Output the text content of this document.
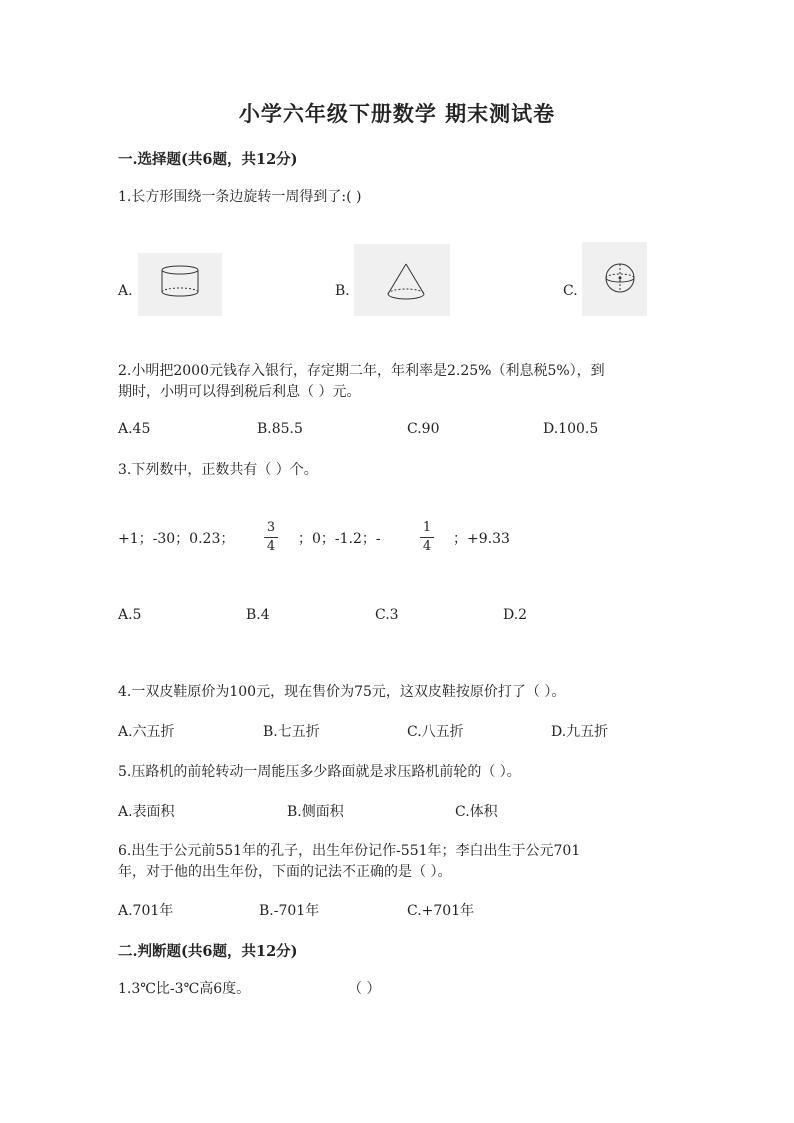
小学六年级下册数学 期末测试卷
一.选择题(共6题，共12分)
1.长方形围绕一条边旋转一周得到了:( )
A.	B.	C.
2.小明把2000元钱存入银行，存定期二年，年利率是2.25%（利息税5%），到
期时，小明可以得到税后利息（ ）元。
A.45	B.85.5	C.90	D.100.5
3.下列数中，正数共有（ ）个。
+1；-30；0.23；
3
4 ；0；-1.2；-
1
4 ；+9.33
A.5	B.4	C.3	D.2
4.一双皮鞋原价为100元，现在售价为75元，这双皮鞋按原价打了（ ）。
A.六五折	B.七五折	C.八五折	D.九五折
5.压路机的前轮转动一周能压多少路面就是求压路机前轮的（ ）。
A.表面积	B.侧面积	C.体积
6.出生于公元前551年的孔子，出生年份记作-551年；李白出生于公元701
年，对于他的出生年份，下面的记法不正确的是（ ）。
A.701年	B.-701年	C.+701年
二.判断题(共6题，共12分)
1.3℃比-3℃高6度。	（ ）
